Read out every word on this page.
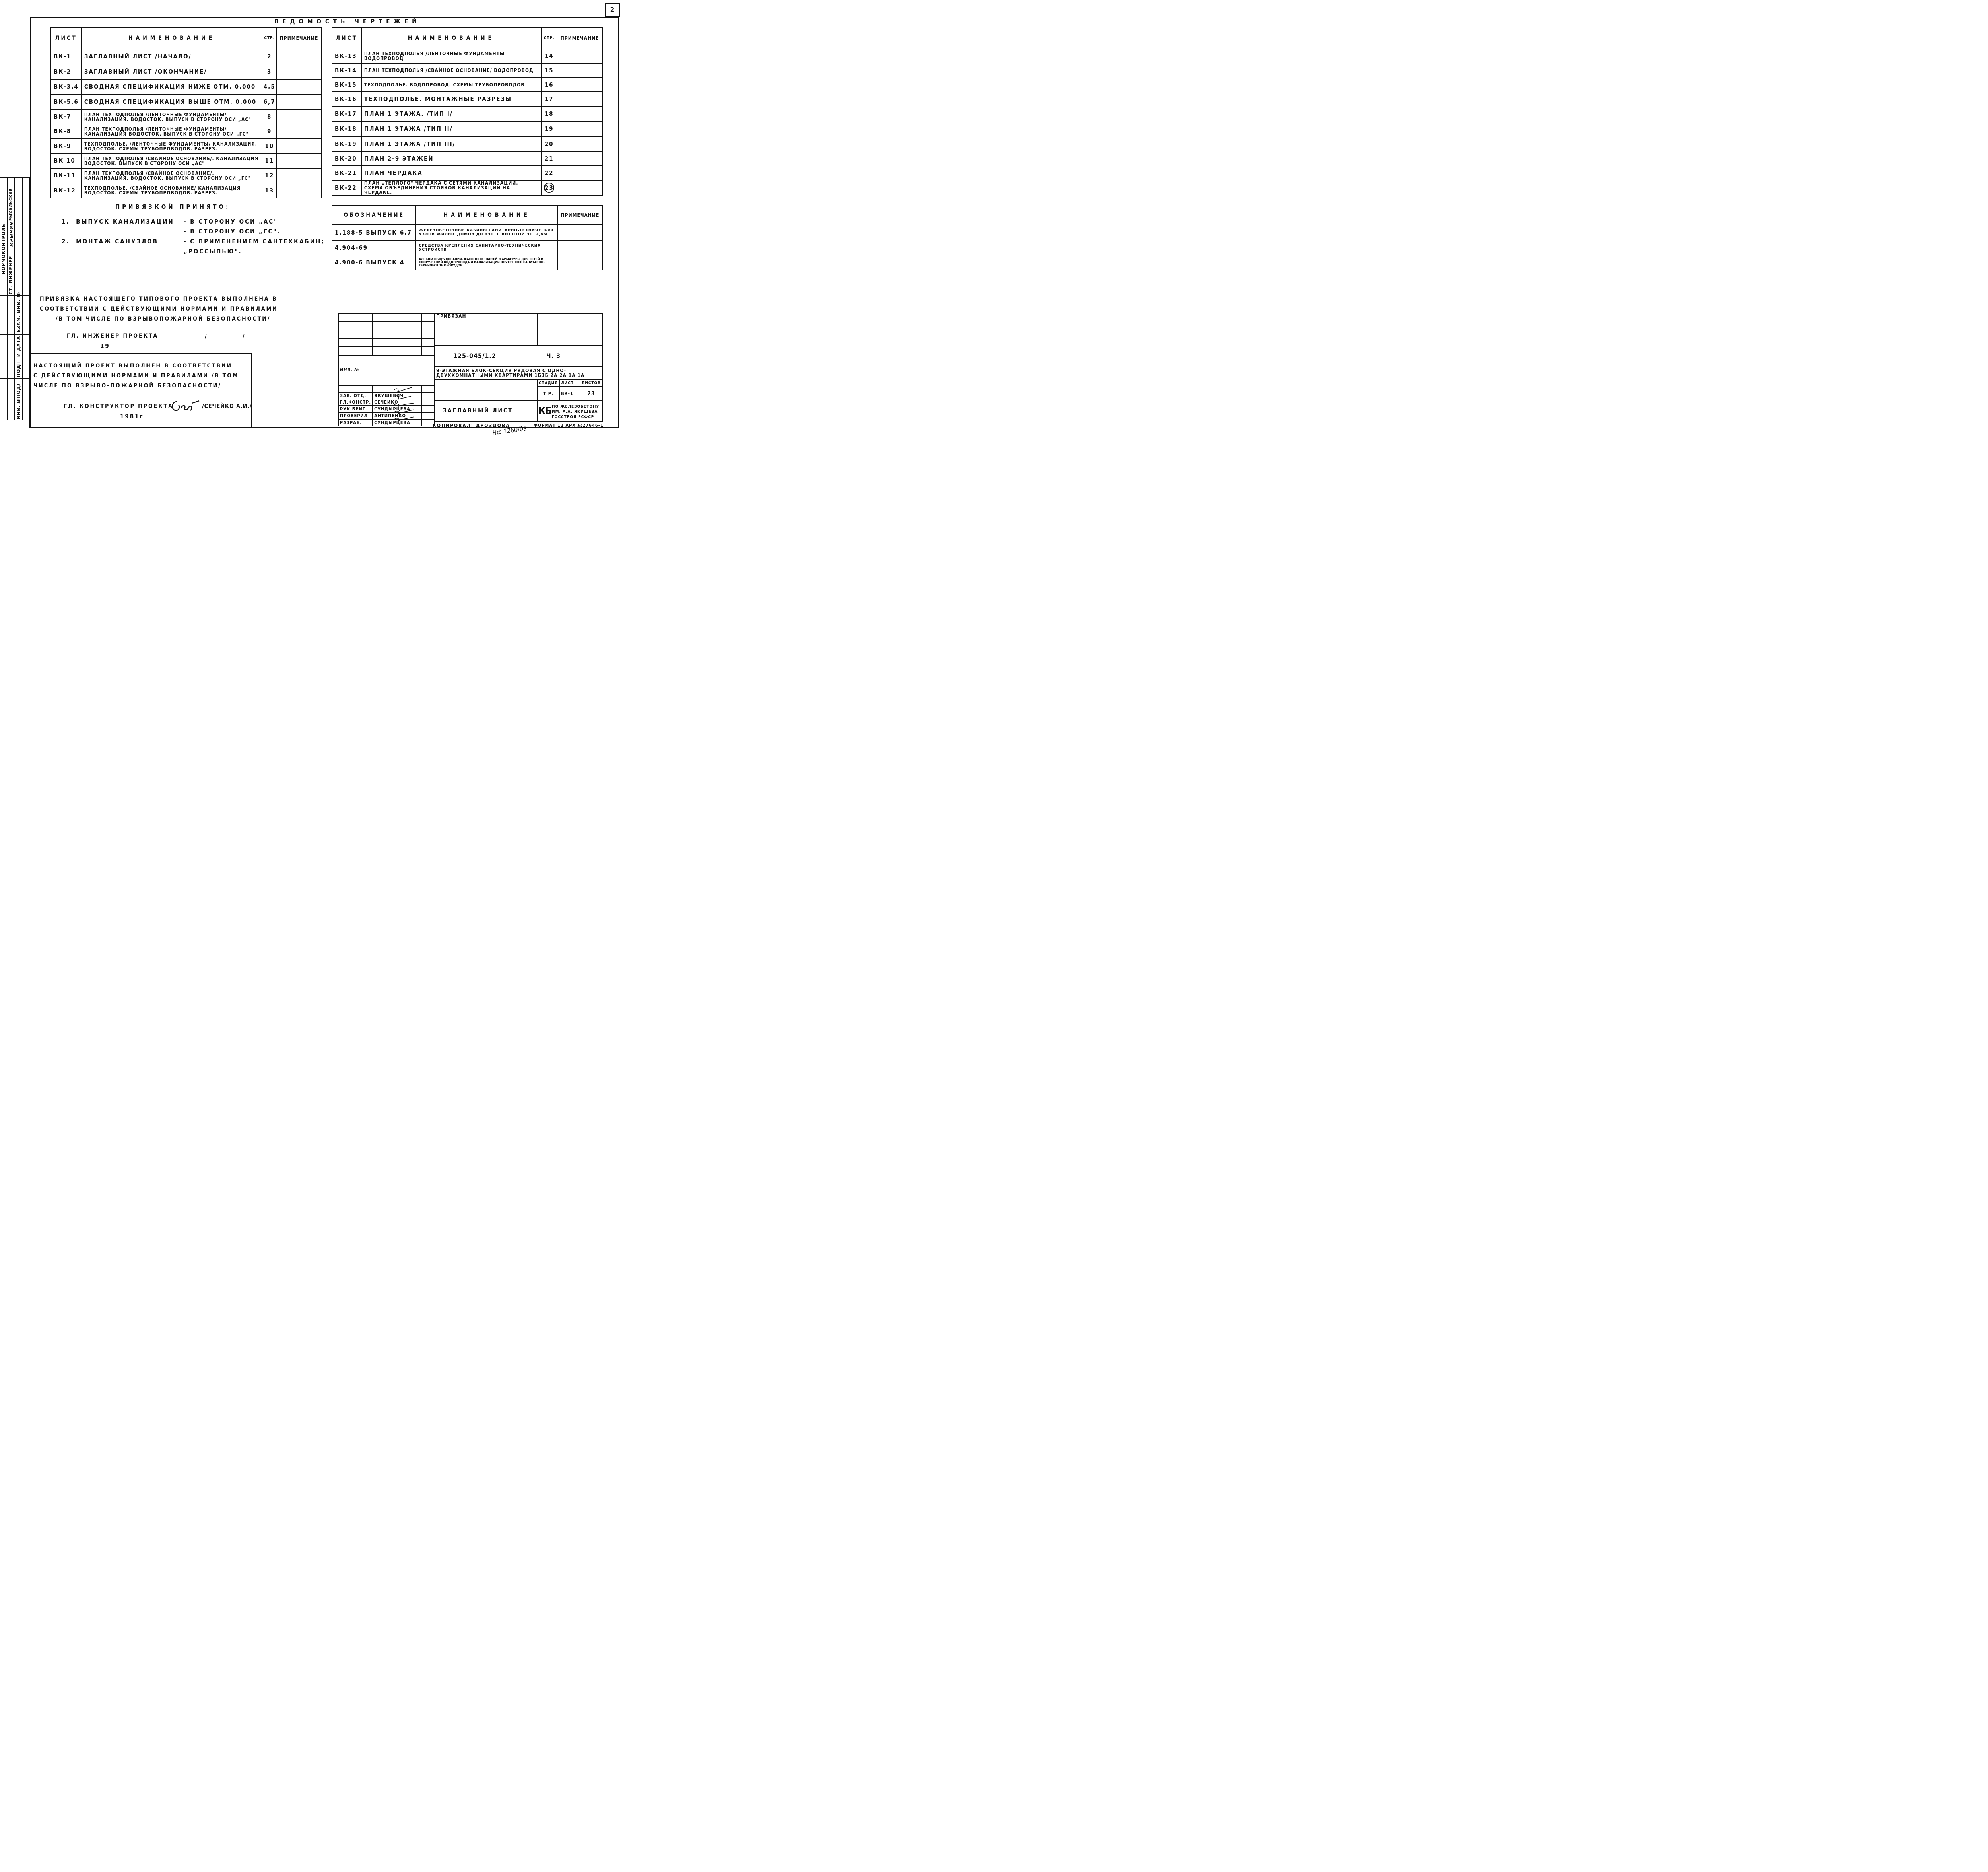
2
ВЕДОМОСТЬ ЧЕРТЕЖЕЙ
ЛИСТ	НАИМЕНОВАНИЕ	СТР.	ПРИМЕЧАНИЕ
ВК-1	ЗАГЛАВНЫЙ ЛИСТ /НАЧАЛО/	2	
ВК-2	ЗАГЛАВНЫЙ ЛИСТ /ОКОНЧАНИЕ/	3	
ВК-3.4	СВОДНАЯ СПЕЦИФИКАЦИЯ НИЖЕ ОТМ. 0.000	4,5	
ВК-5,6	СВОДНАЯ СПЕЦИФИКАЦИЯ ВЫШЕ ОТМ. 0.000	6,7	
ВК-7	ПЛАН ТЕХПОДПОЛЬЯ /ЛЕНТОЧНЫЕ ФУНДАМЕНТЫ/ КАНАЛИЗАЦИЯ. ВОДОСТОК. ВЫПУСК В СТОРОНУ ОСИ „АС"	8	
ВК-8	ПЛАН ТЕХПОДПОЛЬЯ /ЛЕНТОЧНЫЕ ФУНДАМЕНТЫ/ КАНАЛИЗАЦИЯ ВОДОСТОК. ВЫПУСК В СТОРОНУ ОСИ „ГС"	9	
ВК-9	ТЕХПОДПОЛЬЕ. /ЛЕНТОЧНЫЕ ФУНДАМЕНТЫ/ КАНАЛИЗАЦИЯ. ВОДОСТОК. СХЕМЫ ТРУБОПРОВОДОВ. РАЗРЕЗ.	10	
ВК 10	ПЛАН ТЕХПОДПОЛЬЯ /СВАЙНОЕ ОСНОВАНИЕ/. КАНАЛИЗАЦИЯ ВОДОСТОК. ВЫПУСК В СТОРОНУ ОСИ „АС"	11	
ВК-11	ПЛАН ТЕХПОДПОЛЬЯ /СВАЙНОЕ ОСНОВАНИЕ/. КАНАЛИЗАЦИЯ. ВОДОСТОК. ВЫПУСК В СТОРОНУ ОСИ „ГС"	12	
ВК-12	ТЕХПОДПОЛЬЕ. /СВАЙНОЕ ОСНОВАНИЕ/ КАНАЛИЗАЦИЯ ВОДОСТОК. СХЕМЫ ТРУБОПРОВОДОВ. РАЗРЕЗ.	13	
ЛИСТ	НАИМЕНОВАНИЕ	СТР.	ПРИМЕЧАНИЕ
ВК-13	ПЛАН ТЕХПОДПОЛЬЯ /ЛЕНТОЧНЫЕ ФУНДАМЕНТЫ ВОДОПРОВОД	14	
ВК-14	ПЛАН ТЕХПОДПОЛЬЯ /СВАЙНОЕ ОСНОВАНИЕ/ ВОДОПРОВОД	15	
ВК-15	ТЕХПОДПОЛЬЕ. ВОДОПРОВОД. СХЕМЫ ТРУБОПРОВОДОВ	16	
ВК-16	ТЕХПОДПОЛЬЕ. МОНТАЖНЫЕ РАЗРЕЗЫ	17	
ВК-17	ПЛАН 1 ЭТАЖА. /ТИП I/	18	
ВК-18	ПЛАН 1 ЭТАЖА /ТИП II/	19	
ВК-19	ПЛАН 1 ЭТАЖА /ТИП III/	20	
ВК-20	ПЛАН 2-9 ЭТАЖЕЙ	21	
ВК-21	ПЛАН ЧЕРДАКА	22	
ВК-22	ПЛАН „ТЕПЛОГО" ЧЕРДАКА С СЕТЯМИ КАНАЛИЗАЦИИ. СХЕМА ОБЪЕДИНЕНИЯ СТОЯКОВ КАНАЛИЗАЦИИ НА ЧЕРДАКЕ.	23	
ОБОЗНАЧЕНИЕ	НАИМЕНОВАНИЕ	ПРИМЕЧАНИЕ
1.188-5 ВЫПУСК 6,7	ЖЕЛЕЗОБЕТОННЫЕ КАБИНЫ САНИТАРНО-ТЕХНИЧЕСКИХ УЗЛОВ ЖИЛЫХ ДОМОВ ДО 9ЭТ. С ВЫСОТОЙ ЭТ. 2,8М	
4.904-69	СРЕДСТВА КРЕПЛЕНИЯ САНИТАРНО-ТЕХНИЧЕСКИХ УСТРОЙСТВ	
4.900-6 ВЫПУСК 4	АЛЬБОМ ОБОРУДОВАНИЯ, ФАСОННЫХ ЧАСТЕЙ И АРМАТУРЫ ДЛЯ СЕТЕЙ И СООРУЖЕНИЙ ВОДОПРОВОДА И КАНАЛИЗАЦИИ ВНУТРЕННЕЕ САНИТАРНО-ТЕХНИЧЕСКОЕ ОБОРУДОВ	
ПРИВЯЗКОЙ ПРИНЯТО:
1. ВЫПУСК КАНАЛИЗАЦИИ - В СТОРОНУ ОСИ „АС"
- В СТОРОНУ ОСИ „ГС".
2. МОНТАЖ САНУЗЛОВ	- С ПРИМЕНЕНИЕМ САНТЕХКАБИН; „РОССЫПЬЮ".
ПРИВЯЗКА НАСТОЯЩЕГО ТИПОВОГО ПРОЕКТА ВЫПОЛНЕНА В
СООТВЕТСТВИИ С ДЕЙСТВУЮЩИМИ НОРМАМИ И ПРАВИЛАМИ
/В ТОМ ЧИСЛЕ ПО ВЗРЫВОПОЖАРНОЙ БЕЗОПАСНОСТИ/
ГЛ. ИНЖЕНЕР ПРОЕКТА	/	/
19
НАСТОЯЩИЙ ПРОЕКТ ВЫПОЛНЕН В СООТВЕТСТВИИ
С ДЕЙСТВУЮЩИМИ НОРМАМИ И ПРАВИЛАМИ /В ТОМ
ЧИСЛЕ ПО ВЗРЫВО-ПОЖАРНОЙ БЕЗОПАСНОСТИ/
ГЛ. КОНСТРУКТОР ПРОЕКТА	/СЕЧЕЙКО А.И./
1981г
НОРМОКОНТРОЛЬ
СТ. ИНЖЕНЕР
МРЫЧИН
РЫХАЛЬСКАЯ
ВЗАМ. ИНВ. №
ПОДП. И ДАТА
ИНВ. №ПОДЛ.

ИНВ. №			

ЗАВ. ОТД.	ЯКУШЕВИЧ		
ГЛ.КОНСТР.	СЕЧЕЙКО		
РУК.БРИГ.	СУНДЫРЦЕВА		
ПРОВЕРИЛ	АНТИПЕНКО		
РАЗРАБ.	СУНДЫРЦЕВА		
ПРИВЯЗАН			
125-045/1.2 Ч. 3			
9-ЭТАЖНАЯ БЛОК-СЕКЦИЯ РЯДОВАЯ С ОДНО-ДВУХКОМНАТНЫМИ КВАРТИРАМИ 1Б1Б 2А 2А 1А 1А			
	СТАДИЯ	ЛИСТ	ЛИСТОВ
	Т.Р.	ВК-1	23
ЗАГЛАВНЫЙ ЛИСТ	КБ ПО ЖЕЛЕЗОБЕТОНУ ИМ. А.А. ЯКУШЕВА ГОССТРОЯ РСФСР		
КОПИРОВАЛ: ДРОЗДОВА
Нф 1260/09 ФОРМАТ 12 АРХ №27646-1
